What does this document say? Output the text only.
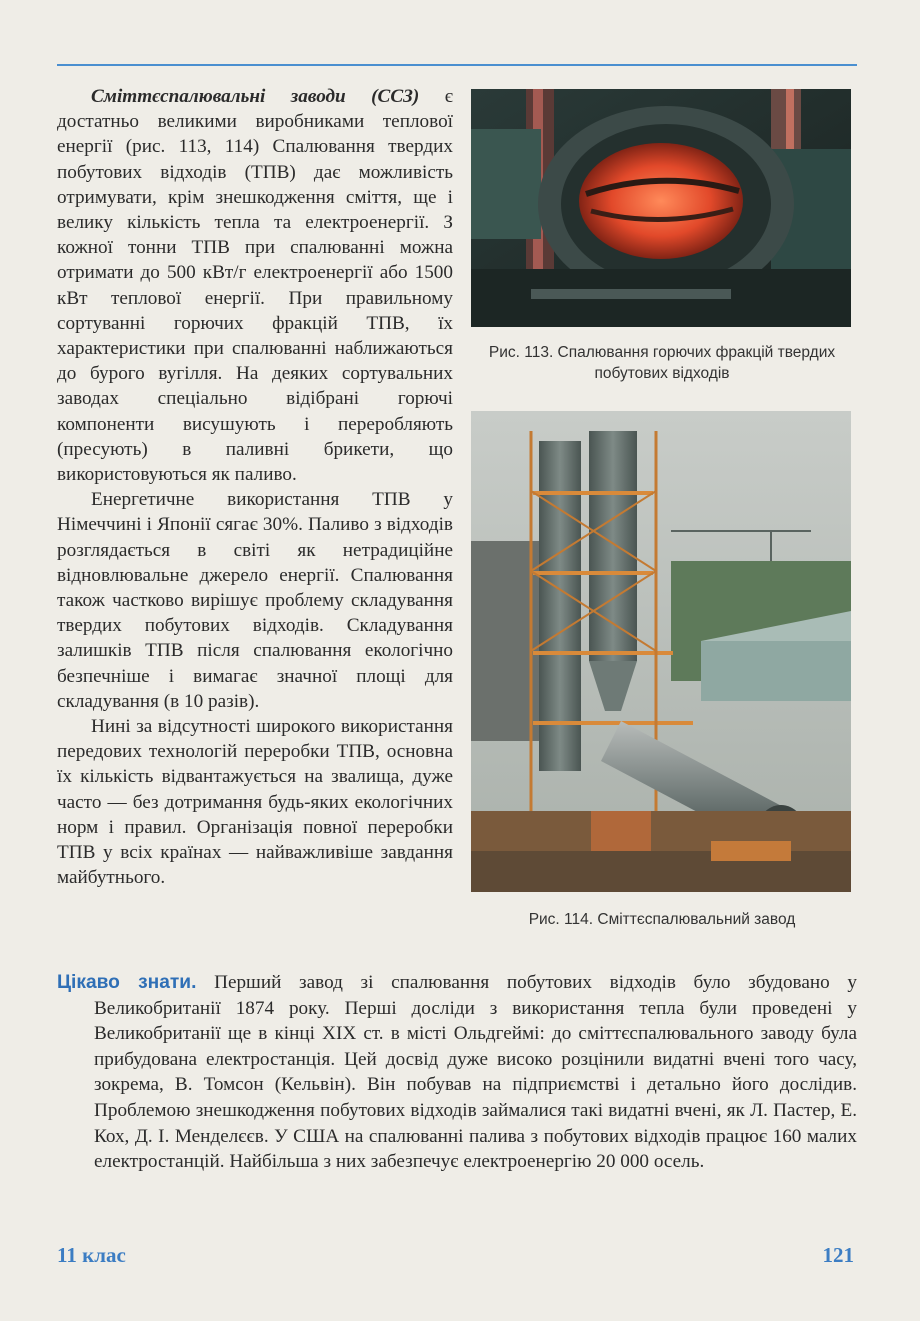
Сміттєспалювальні заводи (ССЗ) є достатньо великими виробниками теплової енергії (рис. 113, 114) Спалювання твердих побутових відходів (ТПВ) дає можливість отримувати, крім знешкодження сміття, ще і велику кількість тепла та електроенергії. З кожної тонни ТПВ при спалюванні можна отримати до 500 кВт/г електроенергії або 1500 кВт теплової енергії. При правильному сортуванні горючих фракцій ТПВ, їх характеристики при спалюванні наближаються до бурого вугілля. На деяких сортувальних заводах спеціально відібрані горючі компоненти висушують і переробляють (пресують) в паливні брикети, що використовуються як паливо.

Енергетичне використання ТПВ у Німеччині і Японії сягає 30%. Паливо з відходів розглядається в світі як нетрадиційне відновлювальне джерело енергії. Спалювання також частково вирішує проблему складування твердих побутових відходів. Складування залишків ТПВ після спалювання екологічно безпечніше і вимагає значної площі для складування (в 10 разів).

Нині за відсутності широкого використання передових технологій переробки ТПВ, основна їх кількість відвантажується на звалища, дуже часто — без дотримання будь-яких екологічних норм і правил. Організація повної переробки ТПВ у всіх країнах — найважливіше завдання майбутнього.

Рис. 113. Спалювання горючих фракцій твердих побутових відходів
Рис. 114. Сміттєспалювальний завод

Цікаво знати. Перший завод зі спалювання побутових відходів було збудовано у Великобританії 1874 року. Перші досліди з використання тепла були проведені у Великобританії ще в кінці XIX ст. в місті Ольдгеймі: до сміттєспалювального заводу була прибудована електростанція. Цей досвід дуже високо розцінили видатні вчені того часу, зокрема, В. Томсон (Кельвін). Він побував на підприємстві і детально його дослідив. Проблемою знешкодження побутових відходів займалися такі видатні вчені, як Л. Пастер, Е. Кох, Д. І. Менделєєв. У США на спалюванні палива з побутових відходів працює 160 малих електростанцій. Найбільша з них забезпечує електроенергію 20 000 осель.

11 клас	121
